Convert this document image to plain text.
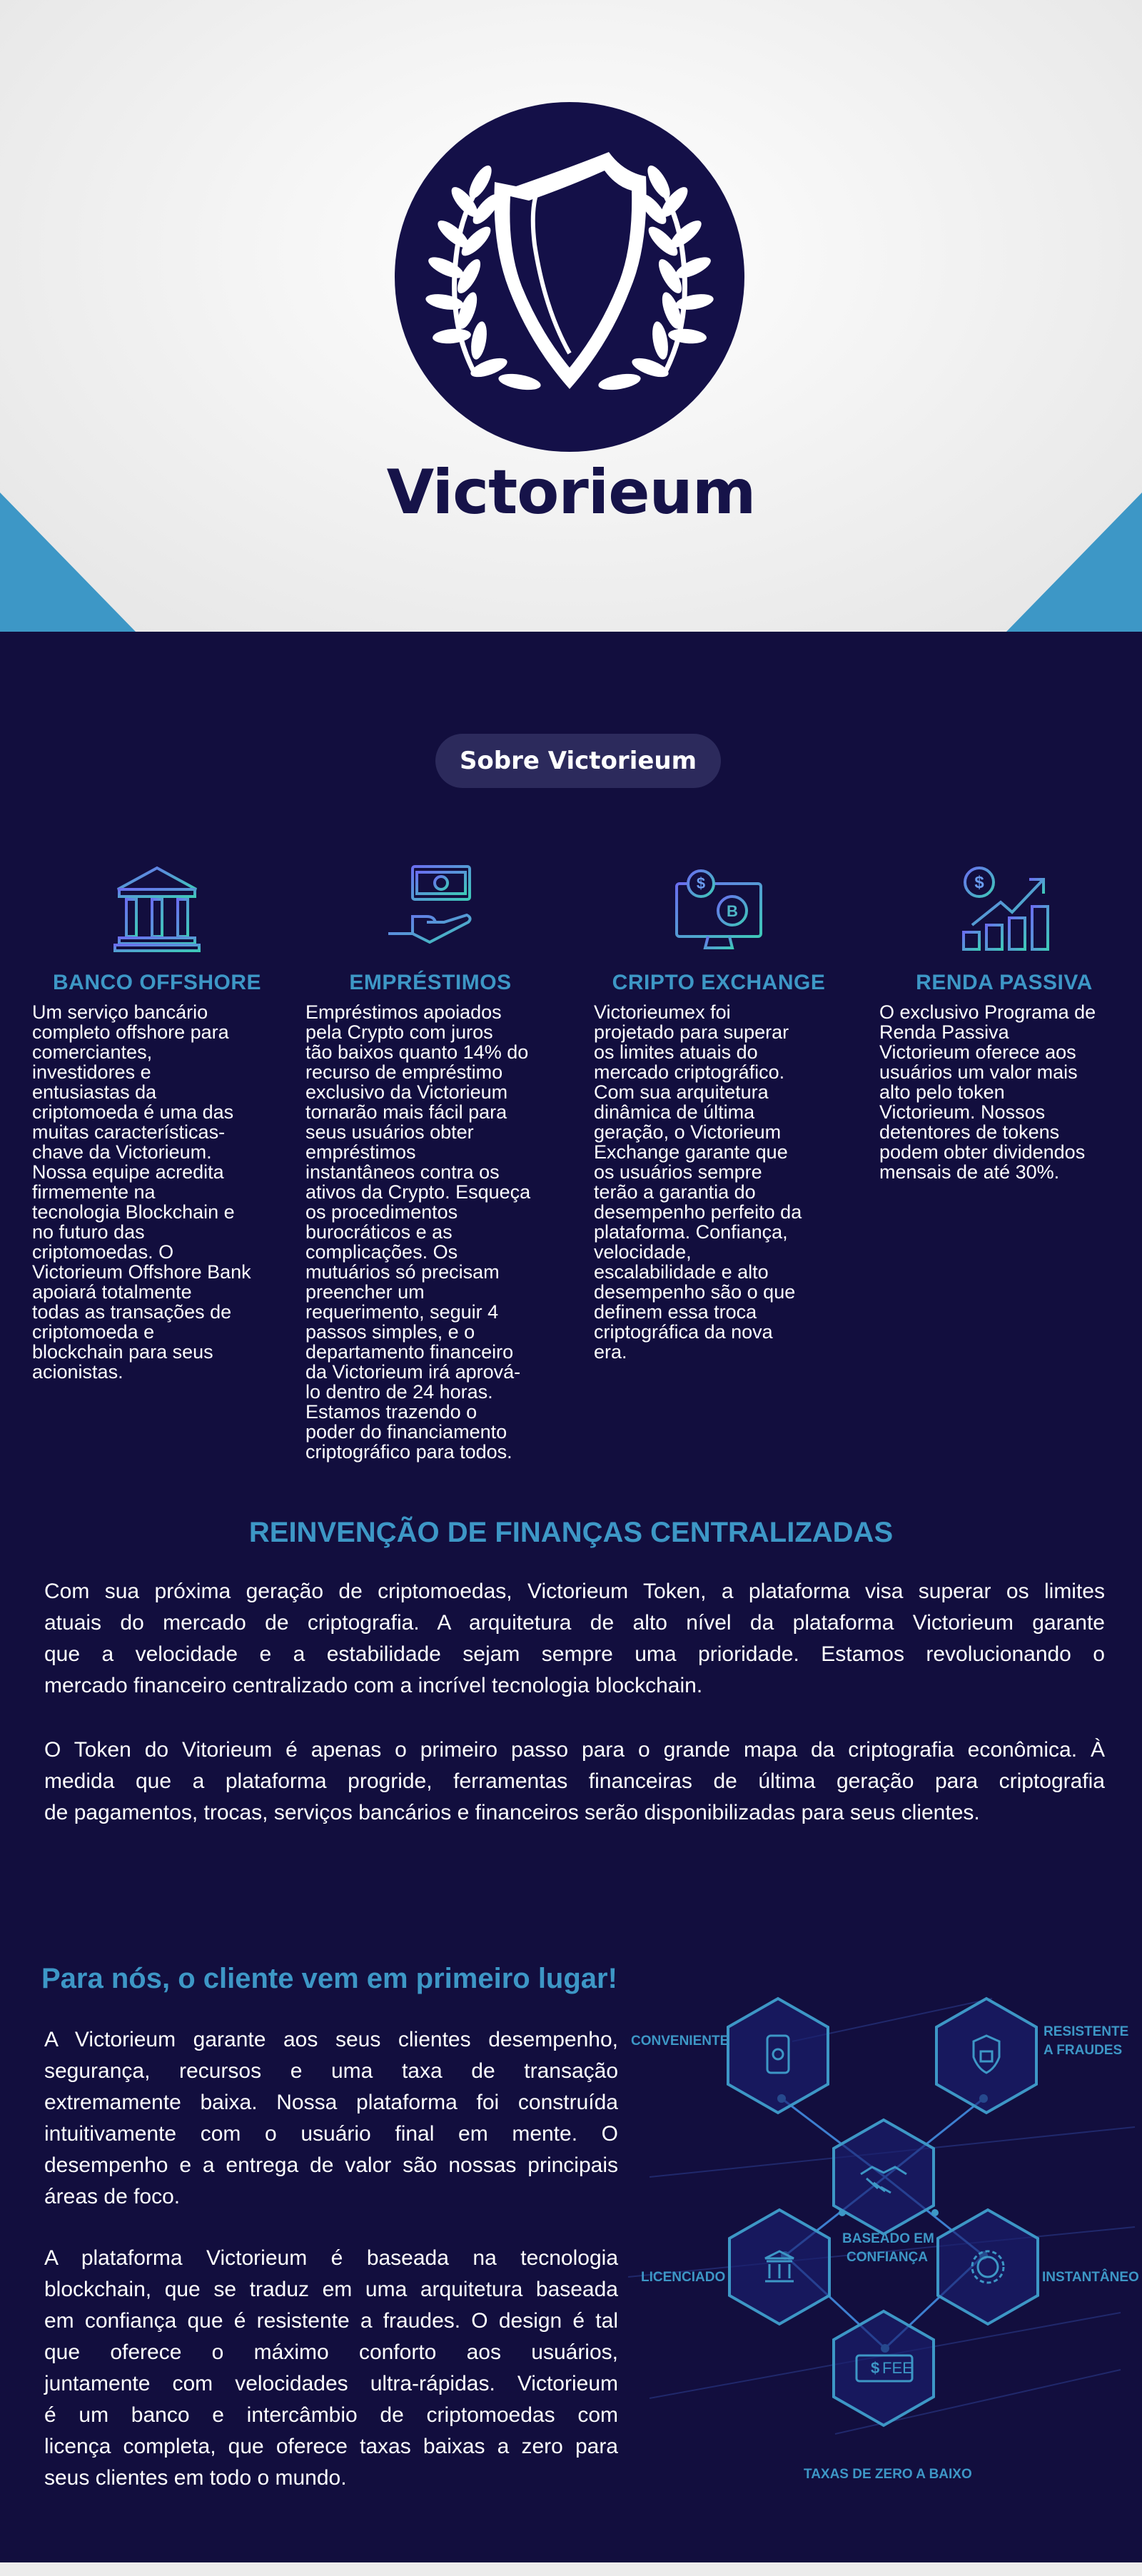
Victorieum
Sobre Victorieum
BANCO OFFSHORE
Um serviço bancário
completo offshore para
comerciantes,
investidores e
entusiastas da
criptomoeda é uma das
muitas características-
chave da Victorieum.
Nossa equipe acredita
firmemente na
tecnologia Blockchain e
no futuro das
criptomoedas. O
Victorieum Offshore Bank
apoiará totalmente
todas as transações de
criptomoeda e
blockchain para seus
acionistas.
EMPRÉSTIMOS
Empréstimos apoiados
pela Crypto com juros
tão baixos quanto 14% do
recurso de empréstimo
exclusivo da Victorieum
tornarão mais fácil para
seus usuários obter
empréstimos
instantâneos contra os
ativos da Crypto. Esqueça
os procedimentos
burocráticos e as
complicações. Os
mutuários só precisam
preencher um
requerimento, seguir 4
passos simples, e o
departamento financeiro
da Victorieum irá aprová-
lo dentro de 24 horas.
Estamos trazendo o
poder do financiamento
criptográfico para todos.
$
B
CRIPTO EXCHANGE
Victorieumex foi
projetado para superar
os limites atuais do
mercado criptográfico.
Com sua arquitetura
dinâmica de última
geração, o Victorieum
Exchange garante que
os usuários sempre
terão a garantia do
desempenho perfeito da
plataforma. Confiança,
velocidade,
escalabilidade e alto
desempenho são o que
definem essa troca
criptográfica da nova
era.
$
RENDA PASSIVA
O exclusivo Programa de
Renda Passiva
Victorieum oferece aos
usuários um valor mais
alto pelo token
Victorieum. Nossos
detentores de tokens
podem obter dividendos
mensais de até 30%.
REINVENÇÃO DE FINANÇAS CENTRALIZADAS
Com sua próxima geração de criptomoedas, Victorieum Token, a plataforma visa superar os limites
atuais do mercado de criptografia. A arquitetura de alto nível da plataforma Victorieum garante
que a velocidade e a estabilidade sejam sempre uma prioridade. Estamos revolucionando o
mercado financeiro centralizado com a incrível tecnologia blockchain.
O Token do Vitorieum é apenas o primeiro passo para o grande mapa da criptografia econômica. À
medida que a plataforma progride, ferramentas financeiras de última geração para criptografia
de pagamentos, trocas, serviços bancários e financeiros serão disponibilizadas para seus clientes.
Para nós, o cliente vem em primeiro lugar!
A Victorieum garante aos seus clientes desempenho,
segurança, recursos e uma taxa de transação
extremamente baixa. Nossa plataforma foi construída
intuitivamente com o usuário final em mente. O
desempenho e a entrega de valor são nossas principais
áreas de foco.
A plataforma Victorieum é baseada na tecnologia
blockchain, que se traduz em uma arquitetura baseada
em confiança que é resistente a fraudes. O design é tal
que oferece o máximo conforto aos usuários,
juntamente com velocidades ultra-rápidas. Victorieum
é um banco e intercâmbio de criptomoedas com
licença completa, que oferece taxas baixas a zero para
seus clientes em todo o mundo.
$ FEE
CONVENIENTE
RESISTENTE
A FRAUDES
BASEADO EM
CONFIANÇA
LICENCIADO	INSTANTÂNEO
TAXAS DE ZERO A BAIXO
